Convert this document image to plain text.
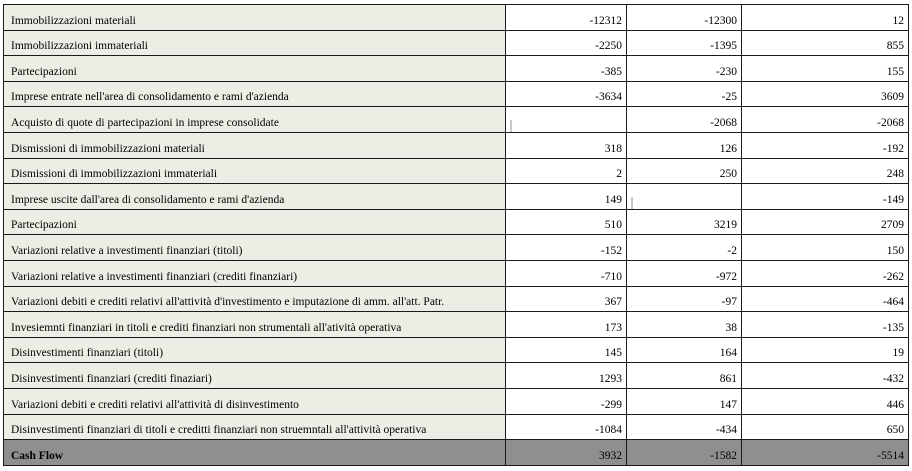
Immobilizzazioni materiali	-12312	-12300	12
Immobilizzazioni immateriali	-2250	-1395	855
Partecipazioni	-385	-230	155
Imprese entrate nell'area di consolidamento e rami d'azienda	-3634	-25	3609
Acquisto di quote di partecipazioni in imprese consolidate		-2068	-2068
Dismissioni di immobilizzazioni materiali	318	126	-192
Dismissioni di immobilizzazioni immateriali	2	250	248
Imprese uscite dall'area di consolidamento e rami d'azienda	149		-149
Partecipazioni	510	3219	2709
Variazioni relative a investimenti finanziari (titoli)	-152	-2	150
Variazioni relative a investimenti finanziari (crediti finanziari)	-710	-972	-262
Variazioni debiti e crediti relativi all'attività d'investimento e imputazione di amm. all'att. Patr.	367	-97	-464
Invesiemnti finanziari in titoli e crediti finanziari non strumentali all'atività operativa	173	38	-135
Disinvestimenti finanziari (titoli)	145	164	19
Disinvestimenti finanziari (crediti finaziari)	1293	861	-432
Variazioni debiti e crediti relativi all'attività di disinvestimento	-299	147	446
Disinvestimenti finanziari di titoli e creditti finanziari non struemntali all'attività operativa	-1084	-434	650
Cash Flow	3932	-1582	-5514
